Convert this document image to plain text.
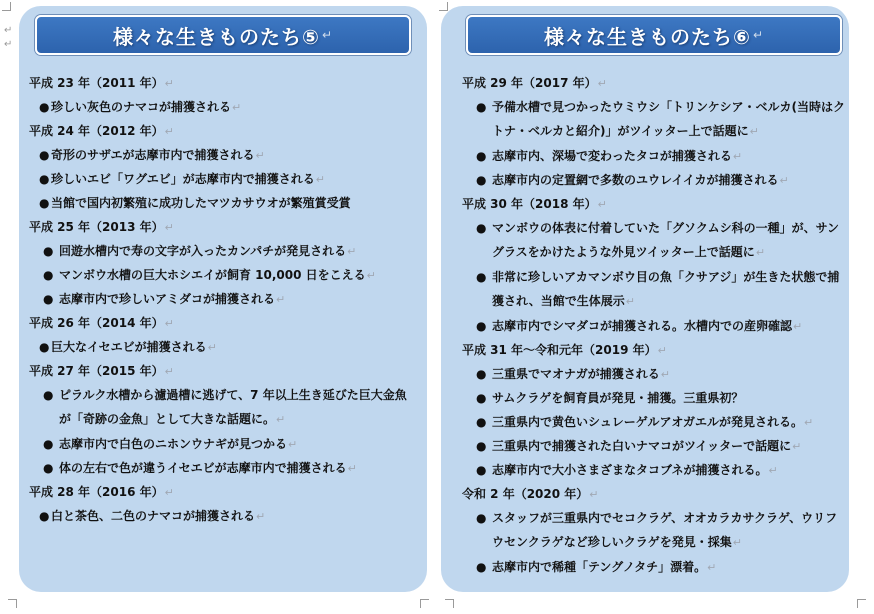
↵
↵	様々な生きものたち⑤ ↵
平成 23 年（2011 年）↵
● 珍しい灰色のナマコが捕獲される↵
平成 24 年（2012 年）↵
● 奇形のサザエが志摩市内で捕獲される↵
● 珍しいエビ「ワグエビ」が志摩市内で捕獲される↵
● 当館で国内初繁殖に成功したマツカサウオが繁殖賞受賞
平成 25 年（2013 年）↵
● 回遊水槽内で寿の文字が入ったカンパチが発見される↵
● マンボウ水槽の巨大ホシエイが飼育 10,000 日をこえる↵
● 志摩市内で珍しいアミダコが捕獲される↵
平成 26 年（2014 年）↵
● 巨大なイセエビが捕獲される↵
平成 27 年（2015 年）↵
● ピラルク水槽から濾過槽に逃げて、7 年以上生き延びた巨大金魚が「奇跡の金魚」として大きな話題に。↵
● 志摩市内で白色のニホンウナギが見つかる↵
● 体の左右で色が違うイセエビが志摩市内で捕獲される↵
平成 28 年（2016 年）↵
● 白と茶色、二色のナマコが捕獲される↵
様々な生きものたち⑥ ↵
平成 29 年（2017 年）↵
● 予備水槽で見つかったウミウシ「トリンケシア・ベルカ(当時はクトナ・ベルカと紹介)」がツイッター上で話題に↵
● 志摩市内、深場で変わったタコが捕獲される↵
● 志摩市内の定置網で多数のユウレイイカが捕獲される↵
平成 30 年（2018 年）↵
● マンボウの体表に付着していた「グソクムシ科の一種」が、サングラスをかけたような外見ツイッター上で話題に↵
● 非常に珍しいアカマンボウ目の魚「クサアジ」が生きた状態で捕獲され、当館で生体展示↵
● 志摩市内でシマダコが捕獲される。水槽内での産卵確認↵
平成 31 年～令和元年（2019 年）↵
● 三重県でマオナガが捕獲される↵
● サムクラゲを飼育員が発見・捕獲。三重県初？
● 三重県内で黄色いシュレーゲルアオガエルが発見される。↵
● 三重県内で捕獲された白いナマコがツイッターで話題に↵
● 志摩市内で大小さまざまなタコブネが捕獲される。↵
令和 2 年（2020 年）↵
● スタッフが三重県内でセコクラゲ、オオカラカサクラゲ、ウリフウセンクラゲなど珍しいクラゲを発見・採集↵
● 志摩市内で稀種「テングノタチ」漂着。↵
